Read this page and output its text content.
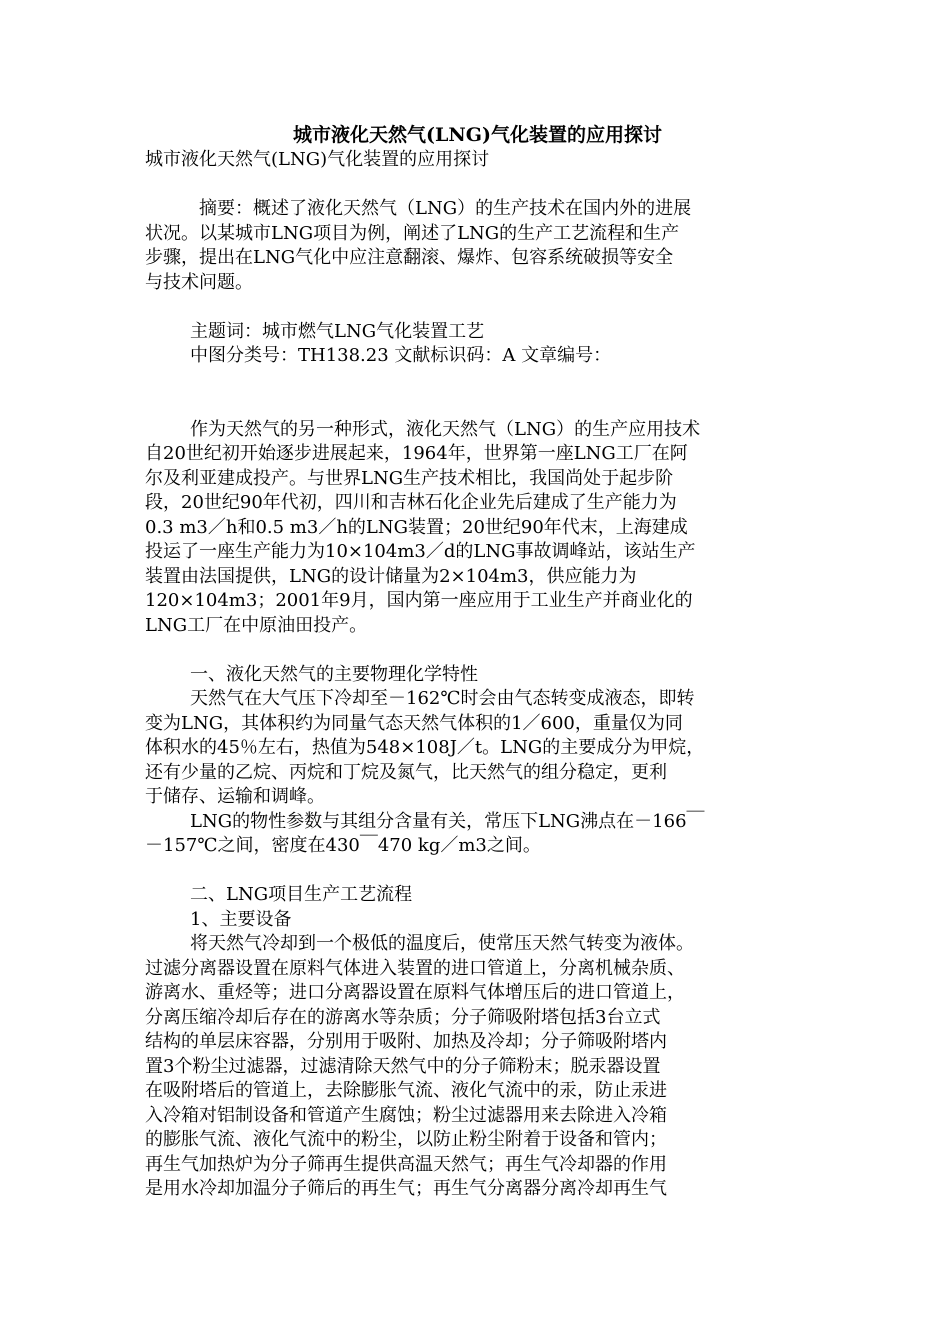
城市液化天然气(LNG)气化装置的应用探讨

城市液化天然气(LNG)气化装置的应用探讨

摘要：概述了液化天然气（LNG）的生产技术在国内外的进展

状况。以某城市LNG项目为例，阐述了LNG的生产工艺流程和生产

步骤，提出在LNG气化中应注意翻滚、爆炸、包容系统破损等安全

与技术问题。

主题词：城市燃气LNG气化装置工艺

中图分类号：TH138.23 文献标识码：A 文章编号：

作为天然气的另一种形式，液化天然气（LNG）的生产应用技术

自20世纪初开始逐步进展起来，1964年，世界第一座LNG工厂在阿

尔及利亚建成投产。与世界LNG生产技术相比，我国尚处于起步阶

段，20世纪90年代初，四川和吉林石化企业先后建成了生产能力为

0.3 m3／h和0.5 m3／h的LNG装置；20世纪90年代末，上海建成

投运了一座生产能力为10×104m3／d的LNG事故调峰站，该站生产

装置由法国提供，LNG的设计储量为2×104m3，供应能力为

120×104m3；2001年9月，国内第一座应用于工业生产并商业化的

LNG工厂在中原油田投产。

一、液化天然气的主要物理化学特性

天然气在大气压下冷却至－162℃时会由气态转变成液态，即转

变为LNG，其体积约为同量气态天然气体积的1／600，重量仅为同

体积水的45％左右，热值为548×108J／t。LNG的主要成分为甲烷，

还有少量的乙烷、丙烷和丁烷及氮气，比天然气的组分稳定，更利

于储存、运输和调峰。

LNG的物性参数与其组分含量有关，常压下LNG沸点在－166￣

－157℃之间，密度在430￣470 kg／m3之间。

二、LNG项目生产工艺流程

1、主要设备

将天然气冷却到一个极低的温度后，使常压天然气转变为液体。

过滤分离器设置在原料气体进入装置的进口管道上，分离机械杂质、

游离水、重烃等；进口分离器设置在原料气体增压后的进口管道上，

分离压缩冷却后存在的游离水等杂质；分子筛吸附塔包括3台立式

结构的单层床容器，分别用于吸附、加热及冷却；分子筛吸附塔内

置3个粉尘过滤器，过滤清除天然气中的分子筛粉末；脱汞器设置

在吸附塔后的管道上，去除膨胀气流、液化气流中的汞，防止汞进

入冷箱对铝制设备和管道产生腐蚀；粉尘过滤器用来去除进入冷箱

的膨胀气流、液化气流中的粉尘，以防止粉尘附着于设备和管内；

再生气加热炉为分子筛再生提供高温天然气；再生气冷却器的作用

是用水冷却加温分子筛后的再生气；再生气分离器分离冷却再生气
